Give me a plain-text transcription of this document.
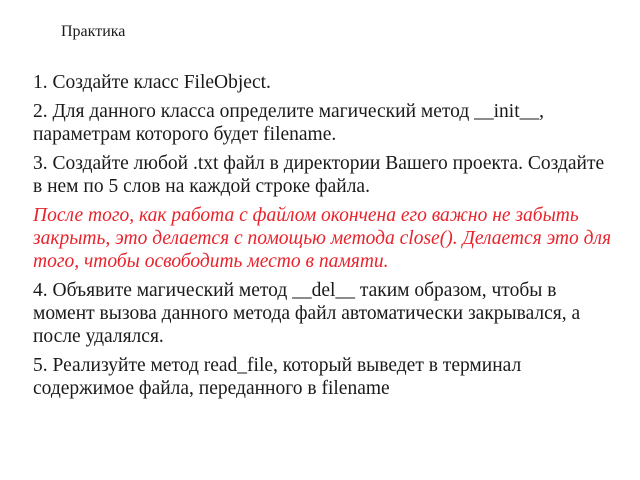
Практика

1. Создайте класс FileObject.

2. Для данного класса определите магический метод __init__, параметрам которого будет filename.

3. Создайте любой .txt файл в директории Вашего проекта. Создайте в нем по 5 слов на каждой строке файла.

После того, как работа с файлом окончена его важно не забыть закрыть, это делается с помощью метода close(). Делается это для того, чтобы освободить место в памяти.

4. Объявите магический метод __del__ таким образом, чтобы в момент вызова данного метода файл автоматически закрывался, а после удалялся.

5. Реализуйте метод read_file, который выведет в терминал содержимое файла, переданного в filename
